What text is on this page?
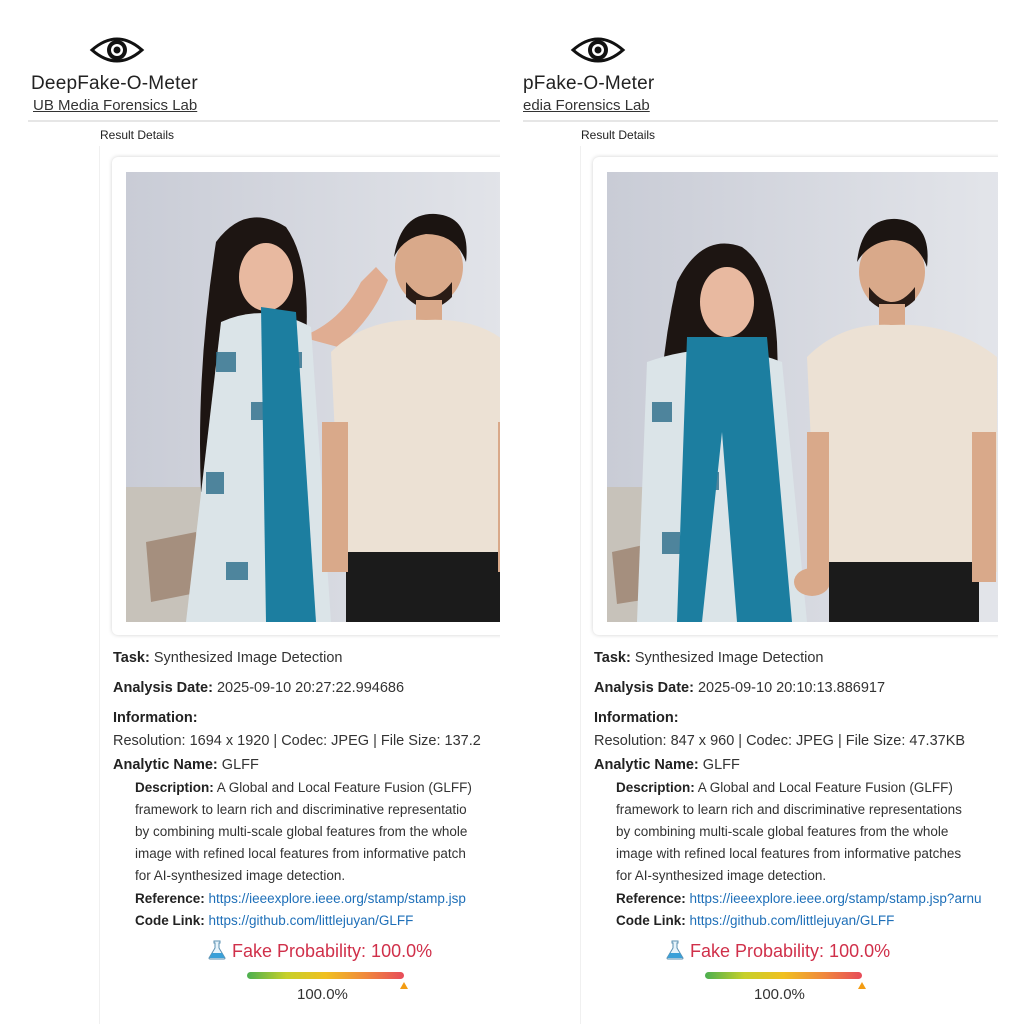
DeepFake-O-Meter
UB Media Forensics Lab
Result Details
Task: Synthesized Image Detection
Analysis Date: 2025-09-10 20:27:22.994686
Information:
Resolution: 1694 x 1920 | Codec: JPEG | File Size: 137.2
Analytic Name: GLFF
Description: A Global and Local Feature Fusion (GLFF)
framework to learn rich and discriminative representatio
by combining multi-scale global features from the whole
image with refined local features from informative patch
for AI-synthesized image detection.
Reference: https://ieeexplore.ieee.org/stamp/stamp.jsp
Code Link: https://github.com/littlejuyan/GLFF
Fake Probability: 100.0%
100.0%
pFake-O-Meter
edia Forensics Lab
Result Details
Task: Synthesized Image Detection
Analysis Date: 2025-09-10 20:10:13.886917
Information:
Resolution: 847 x 960 | Codec: JPEG | File Size: 47.37KB
Analytic Name: GLFF
Description: A Global and Local Feature Fusion (GLFF)
framework to learn rich and discriminative representations
by combining multi-scale global features from the whole
image with refined local features from informative patches
for AI-synthesized image detection.
Reference: https://ieeexplore.ieee.org/stamp/stamp.jsp?arnu
Code Link: https://github.com/littlejuyan/GLFF
Fake Probability: 100.0%
100.0%
